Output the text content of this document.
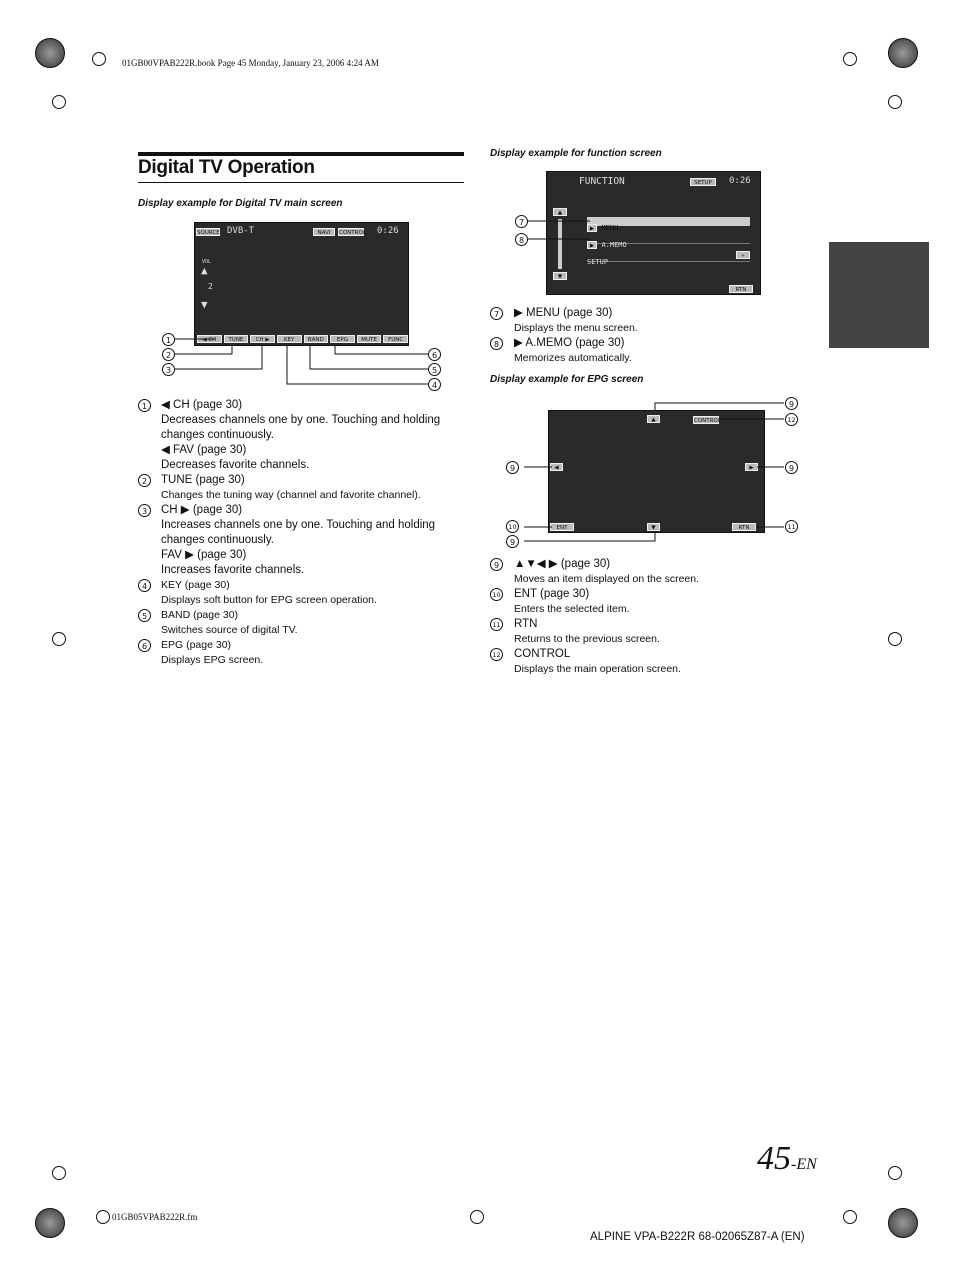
01GB00VPAB222R.book Page 45 Monday, January 23, 2006 4:24 AM
Digital TV Operation
Display example for Digital TV main screen
Display example for function screen
Display example for EPG screen
SOURCE DVB-T	NAVI	CONTROL 0:26
VOL
▲
2
▼
◀ CH	TUNE	CH ▶	KEY	BAND	EPG	MUTE	FUNC
1
2
3
6
5
4
1	◀ CH (page 30)
Decreases channels one by one. Touching and holding
changes continuously.
◀ FAV (page 30)
Decreases favorite channels.
2	TUNE (page 30)
Changes the tuning way (channel and favorite channel).
3	CH ▶ (page 30)
Increases channels one by one. Touching and holding
changes continuously.
FAV ▶ (page 30)
Increases favorite channels.
4	KEY (page 30)
Displays soft button for EPG screen operation.
5	BAND (page 30)
Switches source of digital TV.
6	EPG (page 30)
Displays EPG screen.
FUNCTION	SETUP	0:26
▲
▼
▶ MENU
▶ A.MEMO
SETUP
»
RTN
7
8
7	▶ MENU (page 30)
Displays the menu screen.
8	▶ A.MEMO (page 30)
Memorizes automatically.
▲	CONTROL
◀	▶
ENT	▼	RTN
9
12
9	9
10	11
9
9	▲▼◀ ▶ (page 30)
Moves an item displayed on the screen.
10 ENT (page 30)
Enters the selected item.
11 RTN
Returns to the previous screen.
12 CONTROL
Displays the main operation screen.
45-EN
01GB05VPAB222R.fm
ALPINE VPA-B222R 68-02065Z87-A (EN)
